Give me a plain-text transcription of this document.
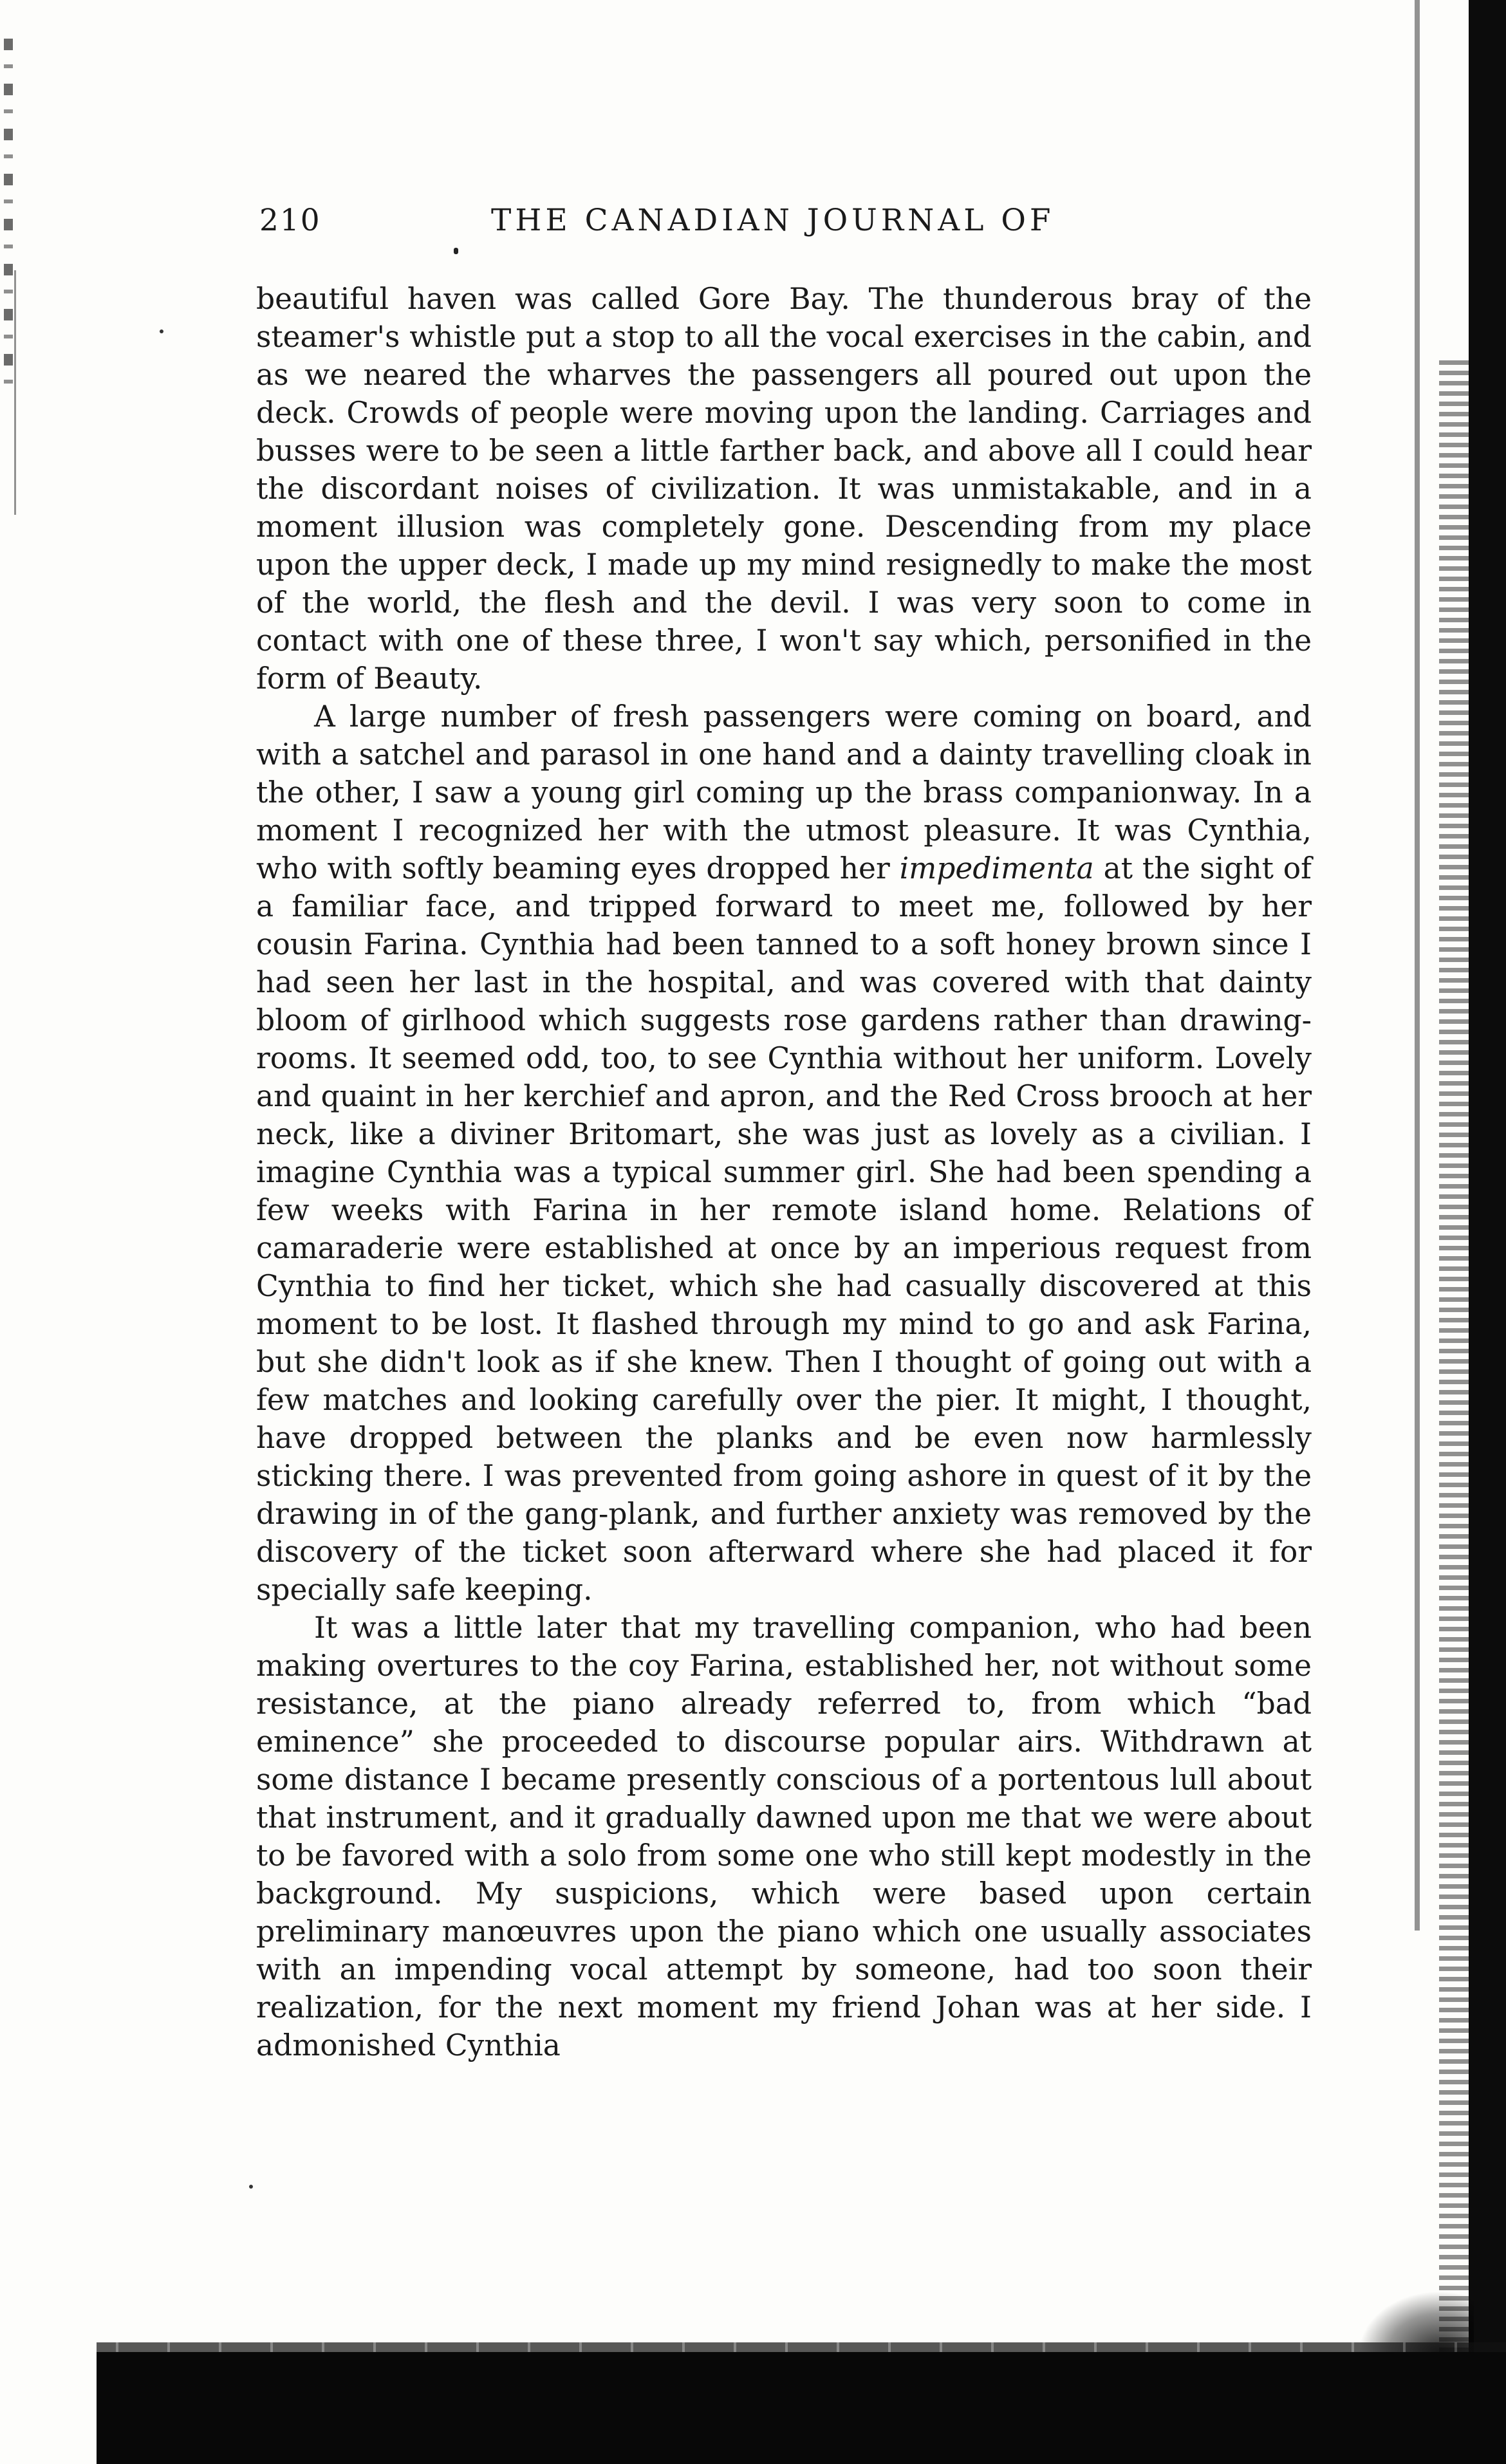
210	THE CANADIAN JOURNAL OF

beautiful haven was called Gore Bay. The thunderous bray of the steamer's whistle put a stop to all the vocal exercises in the cabin, and as we neared the wharves the passengers all poured out upon the deck. Crowds of people were moving upon the landing. Carriages and busses were to be seen a little farther back, and above all I could hear the discordant noises of civilization. It was unmistakable, and in a moment illusion was completely gone. Descending from my place upon the upper deck, I made up my mind resignedly to make the most of the world, the flesh and the devil. I was very soon to come in contact with one of these three, I won't say which, personified in the form of Beauty.

A large number of fresh passengers were coming on board, and with a satchel and parasol in one hand and a dainty travelling cloak in the other, I saw a young girl coming up the brass companionway. In a moment I recognized her with the utmost pleasure. It was Cynthia, who with softly beaming eyes dropped her impedimenta at the sight of a familiar face, and tripped forward to meet me, followed by her cousin Farina. Cynthia had been tanned to a soft honey brown since I had seen her last in the hospital, and was covered with that dainty bloom of girlhood which suggests rose gardens rather than drawing-rooms. It seemed odd, too, to see Cynthia without her uniform. Lovely and quaint in her kerchief and apron, and the Red Cross brooch at her neck, like a diviner Britomart, she was just as lovely as a civilian. I imagine Cynthia was a typical summer girl. She had been spending a few weeks with Farina in her remote island home. Relations of camaraderie were established at once by an imperious request from Cynthia to find her ticket, which she had casually discovered at this moment to be lost. It flashed through my mind to go and ask Farina, but she didn't look as if she knew. Then I thought of going out with a few matches and looking carefully over the pier. It might, I thought, have dropped between the planks and be even now harmlessly sticking there. I was prevented from going ashore in quest of it by the drawing in of the gang-plank, and further anxiety was removed by the discovery of the ticket soon afterward where she had placed it for specially safe keeping.

It was a little later that my travelling companion, who had been making overtures to the coy Farina, established her, not without some resistance, at the piano already referred to, from which “bad eminence” she proceeded to discourse popular airs. Withdrawn at some distance I became presently conscious of a portentous lull about that instrument, and it gradually dawned upon me that we were about to be favored with a solo from some one who still kept modestly in the background. My suspicions, which were based upon certain preliminary manœuvres upon the piano which one usually associates with an impending vocal attempt by someone, had too soon their realization, for the next moment my friend Johan was at her side. I admonished Cynthia
